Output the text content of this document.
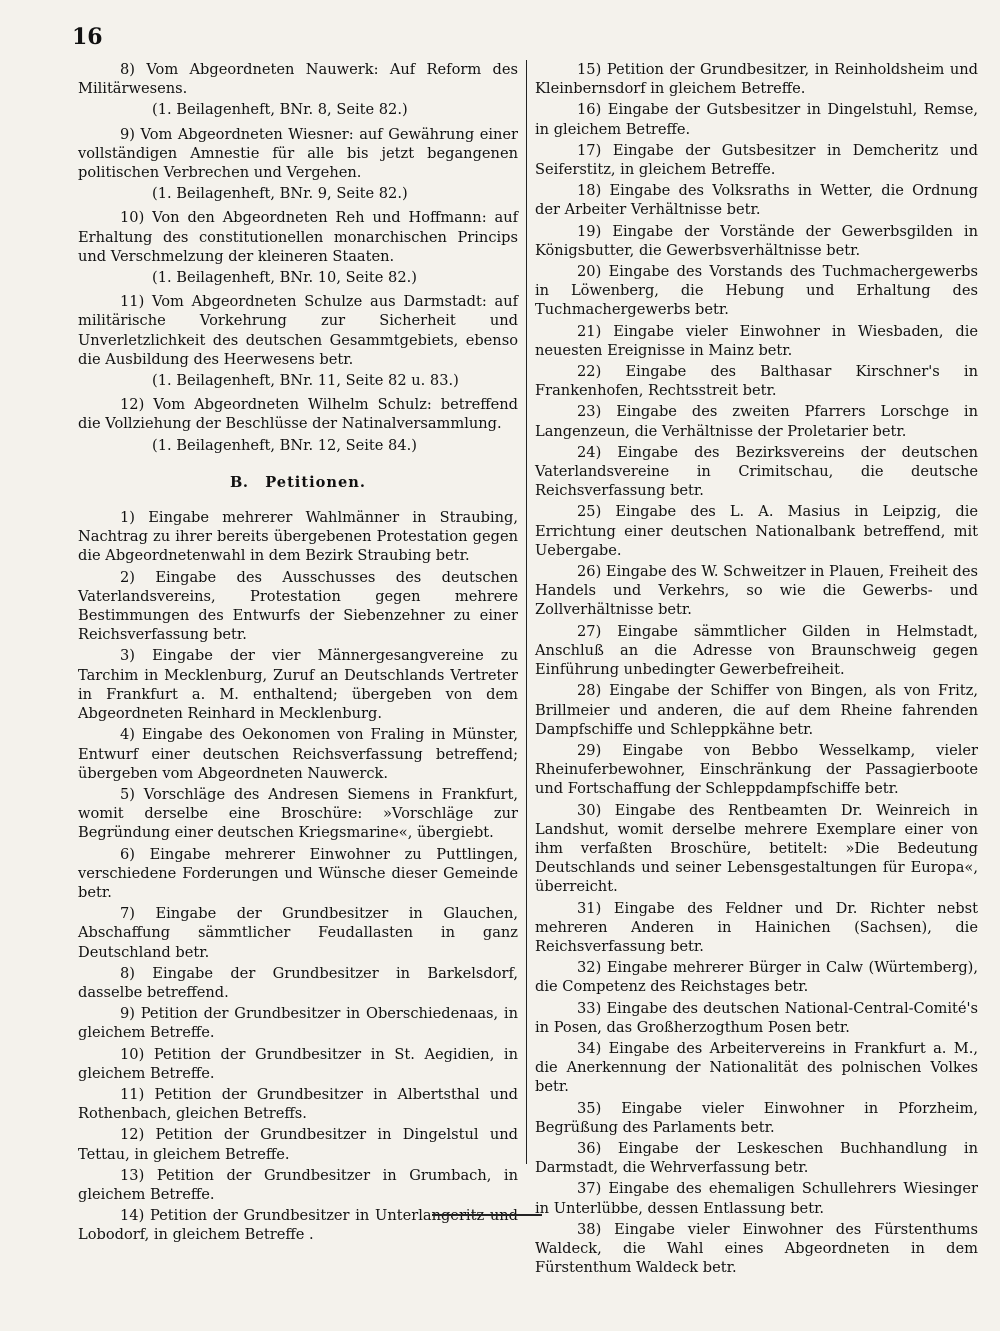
16

8) Vom Abgeordneten Nauwerk: Auf Reform des Militärwesens.

(1. Beilagenheft, BNr. 8, Seite 82.)

9) Vom Abgeordneten Wiesner: auf Gewährung einer vollständigen Amnestie für alle bis jetzt begangenen politischen Verbrechen und Vergehen.

(1. Beilagenheft, BNr. 9, Seite 82.)

10) Von den Abgeordneten Reh und Hoffmann: auf Erhaltung des constitutionellen monarchischen Princips und Verschmelzung der kleineren Staaten.

(1. Beilagenheft, BNr. 10, Seite 82.)

11) Vom Abgeordneten Schulze aus Darmstadt: auf militärische Vorkehrung zur Sicherheit und Unverletzlichkeit des deutschen Gesammtgebiets, ebenso die Ausbildung des Heerwesens betr.

(1. Beilagenheft, BNr. 11, Seite 82 u. 83.)

12) Vom Abgeordneten Wilhelm Schulz: betreffend die Vollziehung der Beschlüsse der Natinalversammlung.

(1. Beilagenheft, BNr. 12, Seite 84.)

B. Petitionen.

1) Eingabe mehrerer Wahlmänner in Straubing, Nachtrag zu ihrer bereits übergebenen Protestation gegen die Abgeordnetenwahl in dem Bezirk Straubing betr.

2) Eingabe des Ausschusses des deutschen Vaterlandsvereins, Protestation gegen mehrere Bestimmungen des Entwurfs der Siebenzehner zu einer Reichsverfassung betr.

3) Eingabe der vier Männergesangvereine zu Tarchim in Mecklenburg, Zuruf an Deutschlands Vertreter in Frankfurt a. M. enthaltend; übergeben von dem Abgeordneten Reinhard in Mecklenburg.

4) Eingabe des Oekonomen von Fraling in Münster, Entwurf einer deutschen Reichsverfassung betreffend; übergeben vom Abgeordneten Nauwerck.

5) Vorschläge des Andresen Siemens in Frankfurt, womit derselbe eine Broschüre: »Vorschläge zur Begründung einer deutschen Kriegsmarine«, übergiebt.

6) Eingabe mehrerer Einwohner zu Puttlingen, verschiedene Forderungen und Wünsche dieser Gemeinde betr.

7) Eingabe der Grundbesitzer in Glauchen, Abschaffung sämmtlicher Feudallasten in ganz Deutschland betr.

8) Eingabe der Grundbesitzer in Barkelsdorf, dasselbe betreffend.

9) Petition der Grundbesitzer in Oberschiedenaas, in gleichem Betreffe.

10) Petition der Grundbesitzer in St. Aegidien, in gleichem Betreffe.

11) Petition der Grundbesitzer in Albertsthal und Rothenbach, gleichen Betreffs.

12) Petition der Grundbesitzer in Dingelstul und Tettau, in gleichem Betreffe.

13) Petition der Grundbesitzer in Grumbach, in gleichem Betreffe.

14) Petition der Grundbesitzer in Unterlangeritz und Lobodorf, in gleichem Betreffe .

15) Petition der Grundbesitzer, in Reinholdsheim und Kleinbernsdorf in gleichem Betreffe.

16) Eingabe der Gutsbesitzer in Dingelstuhl, Remse, in gleichem Betreffe.

17) Eingabe der Gutsbesitzer in Demcheritz und Seiferstitz, in gleichem Betreffe.

18) Eingabe des Volksraths in Wetter, die Ordnung der Arbeiter Verhältnisse betr.

19) Eingabe der Vorstände der Gewerbsgilden in Königsbutter, die Gewerbsverhältnisse betr.

20) Eingabe des Vorstands des Tuchmachergewerbs in Löwenberg, die Hebung und Erhaltung des Tuchmachergewerbs betr.

21) Eingabe vieler Einwohner in Wiesbaden, die neuesten Ereignisse in Mainz betr.

22) Eingabe des Balthasar Kirschner's in Frankenhofen, Rechtsstreit betr.

23) Eingabe des zweiten Pfarrers Lorschge in Langenzeun, die Verhältnisse der Proletarier betr.

24) Eingabe des Bezirksvereins der deutschen Vaterlandsvereine in Crimitschau, die deutsche Reichsverfassung betr.

25) Eingabe des L. A. Masius in Leipzig, die Errichtung einer deutschen Nationalbank betreffend, mit Uebergabe.

26) Eingabe des W. Schweitzer in Plauen, Freiheit des Handels und Verkehrs, so wie die Gewerbs- und Zollverhältnisse betr.

27) Eingabe sämmtlicher Gilden in Helmstadt, Anschluß an die Adresse von Braunschweig gegen Einführung unbedingter Gewerbefreiheit.

28) Eingabe der Schiffer von Bingen, als von Fritz, Brillmeier und anderen, die auf dem Rheine fahrenden Dampfschiffe und Schleppkähne betr.

29) Eingabe von Bebbo Wesselkamp, vieler Rheinuferbewohner, Einschränkung der Passagierboote und Fortschaffung der Schleppdampfschiffe betr.

30) Eingabe des Rentbeamten Dr. Weinreich in Landshut, womit derselbe mehrere Exemplare einer von ihm verfaßten Broschüre, betitelt: »Die Bedeutung Deutschlands und seiner Lebensgestaltungen für Europa«, überreicht.

31) Eingabe des Feldner und Dr. Richter nebst mehreren Anderen in Hainichen (Sachsen), die Reichsverfassung betr.

32) Eingabe mehrerer Bürger in Calw (Würtemberg), die Competenz des Reichstages betr.

33) Eingabe des deutschen National-Central-Comité's in Posen, das Großherzogthum Posen betr.

34) Eingabe des Arbeitervereins in Frankfurt a. M., die Anerkennung der Nationalität des polnischen Volkes betr.

35) Eingabe vieler Einwohner in Pforzheim, Begrüßung des Parlaments betr.

36) Eingabe der Leskeschen Buchhandlung in Darmstadt, die Wehrverfassung betr.

37) Eingabe des ehemaligen Schullehrers Wiesinger in Unterlübbe, dessen Entlassung betr.

38) Eingabe vieler Einwohner des Fürstenthums Waldeck, die Wahl eines Abgeordneten in dem Fürstenthum Waldeck betr.
